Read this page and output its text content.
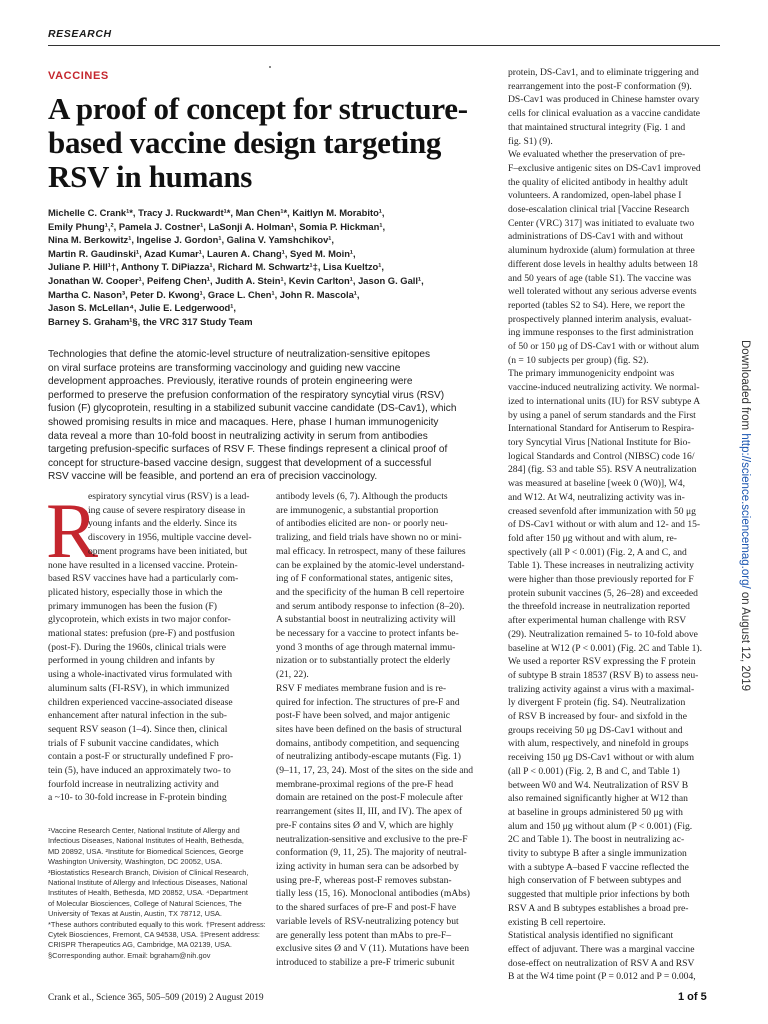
RESEARCH
VACCINES
A proof of concept for structure-based vaccine design targeting RSV in humans
Michelle C. Crank¹*, Tracy J. Ruckwardt¹*, Man Chen¹*, Kaitlyn M. Morabito¹,
Emily Phung¹,², Pamela J. Costner¹, LaSonji A. Holman¹, Somia P. Hickman¹,
Nina M. Berkowitz¹, Ingelise J. Gordon¹, Galina V. Yamshchikov¹,
Martin R. Gaudinski¹, Azad Kumar¹, Lauren A. Chang¹, Syed M. Moin¹,
Juliane P. Hill¹†, Anthony T. DiPiazza¹, Richard M. Schwartz¹‡, Lisa Kueltzo¹,
Jonathan W. Cooper¹, Peifeng Chen¹, Judith A. Stein¹, Kevin Carlton¹, Jason G. Gall¹,
Martha C. Nason³, Peter D. Kwong¹, Grace L. Chen¹, John R. Mascola¹,
Jason S. McLellan⁴, Julie E. Ledgerwood¹,
Barney S. Graham¹§, the VRC 317 Study Team
Technologies that define the atomic-level structure of neutralization-sensitive epitopes
on viral surface proteins are transforming vaccinology and guiding new vaccine
development approaches. Previously, iterative rounds of protein engineering were
performed to preserve the prefusion conformation of the respiratory syncytial virus (RSV)
fusion (F) glycoprotein, resulting in a stabilized subunit vaccine candidate (DS-Cav1), which
showed promising results in mice and macaques. Here, phase I human immunogenicity
data reveal a more than 10-fold boost in neutralizing activity in serum from antibodies
targeting prefusion-specific surfaces of RSV F. These findings represent a clinical proof of
concept for structure-based vaccine design, suggest that development of a successful
RSV vaccine will be feasible, and portend an era of precision vaccinology.
R
espiratory syncytial virus (RSV) is a lead-
ing cause of severe respiratory disease in
young infants and the elderly. Since its
discovery in 1956, multiple vaccine devel-
opment programs have been initiated, but
none have resulted in a licensed vaccine. Protein-
based RSV vaccines have had a particularly com-
plicated history, especially those in which the
primary immunogen has been the fusion (F)
glycoprotein, which exists in two major confor-
mational states: prefusion (pre-F) and postfusion
(post-F). During the 1960s, clinical trials were
performed in young children and infants by
using a whole-inactivated virus formulated with
aluminum salts (FI-RSV), in which immunized
children experienced vaccine-associated disease
enhancement after natural infection in the sub-
sequent RSV season (1–4). Since then, clinical
trials of F subunit vaccine candidates, which
contain a post-F or structurally undefined F pro-
tein (5), have induced an approximately two- to
fourfold increase in neutralizing activity and
a ~10- to 30-fold increase in F-protein binding
antibody levels (6, 7). Although the products
are immunogenic, a substantial proportion
of antibodies elicited are non- or poorly neu-
tralizing, and field trials have shown no or mini-
mal efficacy. In retrospect, many of these failures
can be explained by the atomic-level understand-
ing of F conformational states, antigenic sites,
and the specificity of the human B cell repertoire
and serum antibody response to infection (8–20).
A substantial boost in neutralizing activity will
be necessary for a vaccine to protect infants be-
yond 3 months of age through maternal immu-
nization or to substantially protect the elderly
(21, 22).
RSV F mediates membrane fusion and is re-
quired for infection. The structures of pre-F and
post-F have been solved, and major antigenic
sites have been defined on the basis of structural
domains, antibody competition, and sequencing
of neutralizing antibody-escape mutants (Fig. 1)
(9–11, 17, 23, 24). Most of the sites on the side and
membrane-proximal regions of the pre-F head
domain are retained on the post-F molecule after
rearrangement (sites II, III, and IV). The apex of
pre-F contains sites Ø and V, which are highly
neutralization-sensitive and exclusive to the pre-F
conformation (9, 11, 25). The majority of neutral-
izing activity in human sera can be adsorbed by
using pre-F, whereas post-F removes substan-
tially less (15, 16). Monoclonal antibodies (mAbs)
to the shared surfaces of pre-F and post-F have
variable levels of RSV-neutralizing potency but
are generally less potent than mAbs to pre-F–
exclusive sites Ø and V (11). Mutations have been
introduced to stabilize a pre-F trimeric subunit
protein, DS-Cav1, and to eliminate triggering and
rearrangement into the post-F conformation (9).
DS-Cav1 was produced in Chinese hamster ovary
cells for clinical evaluation as a vaccine candidate
that maintained structural integrity (Fig. 1 and
fig. S1) (9).
We evaluated whether the preservation of pre-
F–exclusive antigenic sites on DS-Cav1 improved
the quality of elicited antibody in healthy adult
volunteers. A randomized, open-label phase I
dose-escalation clinical trial [Vaccine Research
Center (VRC) 317] was initiated to evaluate two
administrations of DS-Cav1 with and without
aluminum hydroxide (alum) formulation at three
different dose levels in healthy adults between 18
and 50 years of age (table S1). The vaccine was
well tolerated without any serious adverse events
reported (tables S2 to S4). Here, we report the
prospectively planned interim analysis, evaluat-
ing immune responses to the first administration
of 50 or 150 μg of DS-Cav1 with or without alum
(n = 10 subjects per group) (fig. S2).
The primary immunogenicity endpoint was
vaccine-induced neutralizing activity. We normal-
ized to international units (IU) for RSV subtype A
by using a panel of serum standards and the First
International Standard for Antiserum to Respira-
tory Syncytial Virus [National Institute for Bio-
logical Standards and Control (NIBSC) code 16/
284] (fig. S3 and table S5). RSV A neutralization
was measured at baseline [week 0 (W0)], W4,
and W12. At W4, neutralizing activity was in-
creased sevenfold after immunization with 50 μg
of DS-Cav1 without or with alum and 12- and 15-
fold after 150 μg without and with alum, re-
spectively (all P < 0.001) (Fig. 2, A and C, and
Table 1). These increases in neutralizing activity
were higher than those previously reported for F
protein subunit vaccines (5, 26–28) and exceeded
the threefold increase in neutralization reported
after experimental human challenge with RSV
(29). Neutralization remained 5- to 10-fold above
baseline at W12 (P < 0.001) (Fig. 2C and Table 1).
We used a reporter RSV expressing the F protein
of subtype B strain 18537 (RSV B) to assess neu-
tralizing activity against a virus with a maximal-
ly divergent F protein (fig. S4). Neutralization
of RSV B increased by four- and sixfold in the
groups receiving 50 μg DS-Cav1 without and
with alum, respectively, and ninefold in groups
receiving 150 μg DS-Cav1 without or with alum
(all P < 0.001) (Fig. 2, B and C, and Table 1)
between W0 and W4. Neutralization of RSV B
also remained significantly higher at W12 than
at baseline in groups administered 50 μg with
alum and 150 μg without alum (P < 0.001) (Fig.
2C and Table 1). The boost in neutralizing ac-
tivity to subtype B after a single immunization
with a subtype A–based F vaccine reflected the
high conservation of F between subtypes and
suggested that multiple prior infections by both
RSV A and B subtypes establishes a broad pre-
existing B cell repertoire.
Statistical analysis identified no significant
effect of adjuvant. There was a marginal vaccine
dose-effect on neutralization of RSV A and RSV
B at the W4 time point (P = 0.012 and P = 0.004,
¹Vaccine Research Center, National Institute of Allergy and
Infectious Diseases, National Institutes of Health, Bethesda,
MD 20892, USA. ²Institute for Biomedical Sciences, George
Washington University, Washington, DC 20052, USA.
³Biostatistics Research Branch, Division of Clinical Research,
National Institute of Allergy and Infectious Diseases, National
Institutes of Health, Bethesda, MD 20852, USA. ⁴Department
of Molecular Biosciences, College of Natural Sciences, The
University of Texas at Austin, Austin, TX 78712, USA.
*These authors contributed equally to this work. †Present address:
Cytek Biosciences, Fremont, CA 94538, USA. ‡Present address:
CRISPR Therapeutics AG, Cambridge, MA 02139, USA.
§Corresponding author. Email: bgraham@nih.gov
Crank et al., Science 365, 505–509 (2019) 2 August 2019	1 of 5
Downloaded from http://science.sciencemag.org/ on August 12, 2019
